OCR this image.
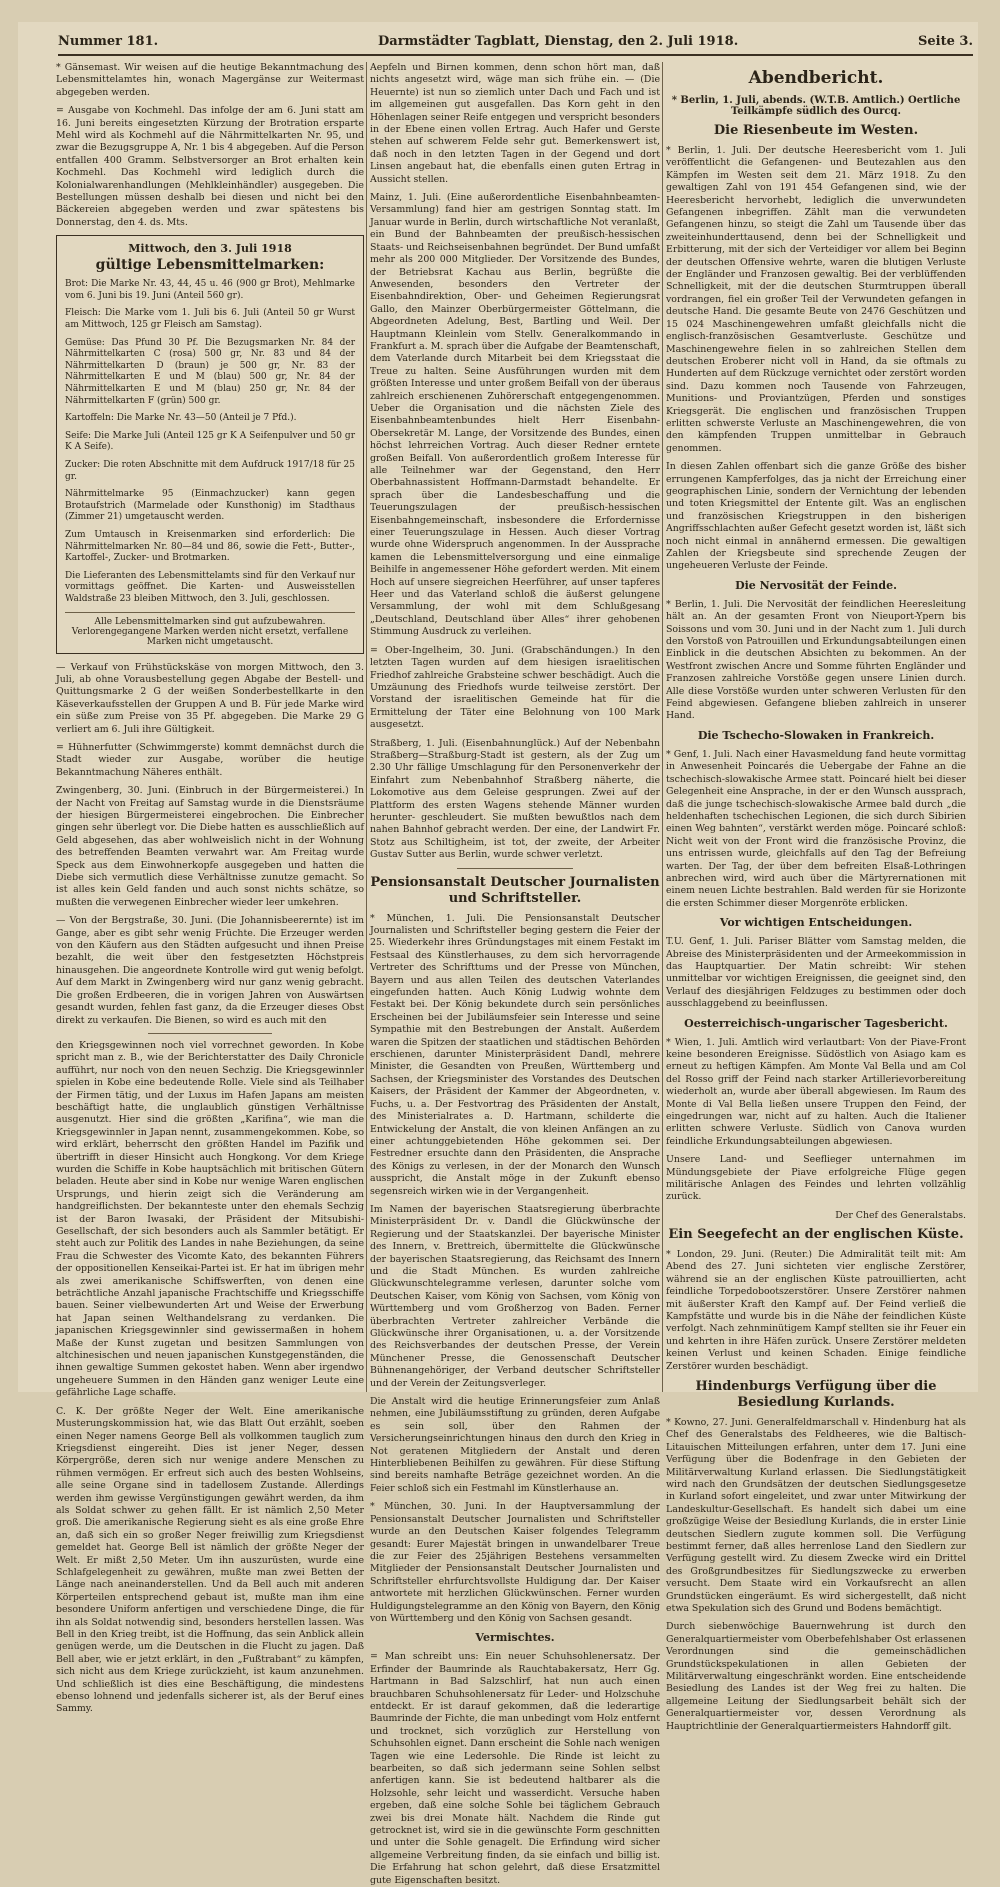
Nummer 181.	Darmstädter Tagblatt, Dienstag, den 2. Juli 1918.	Seite 3.

* Gänsemast. Wir weisen auf die heutige Bekanntmachung des Lebensmittelamtes hin, wonach Magergänse zur Weitermast abgegeben werden.

= Ausgabe von Kochmehl. Das infolge der am 6. Juni statt am 16. Juni bereits eingesetzten Kürzung der Brotration ersparte Mehl wird als Kochmehl auf die Nährmittelkarten Nr. 95, und zwar die Bezugsgruppe A, Nr. 1 bis 4 abgegeben. Auf die Person entfallen 400 Gramm. Selbstversorger an Brot erhalten kein Kochmehl. Das Kochmehl wird lediglich durch die Kolonialwarenhandlungen (Mehlkleinhändler) ausgegeben. Die Bestellungen müssen deshalb bei diesen und nicht bei den Bäckereien abgegeben werden und zwar spätestens bis Donnerstag, den 4. ds. Mts.

Mittwoch, den 3. Juli 1918
gültige Lebensmittelmarken:

Brot: Die Marke Nr. 43, 44, 45 u. 46 (900 gr Brot), Mehlmarke vom 6. Juni bis 19. Juni (Anteil 560 gr).

Fleisch: Die Marke vom 1. Juli bis 6. Juli (Anteil 50 gr Wurst am Mittwoch, 125 gr Fleisch am Samstag).

Gemüse: Das Pfund 30 Pf. Die Bezugsmarken Nr. 84 der Nährmittelkarten C (rosa) 500 gr, Nr. 83 und 84 der Nährmittelkarten D (braun) je 500 gr, Nr. 83 der Nährmittelkarten E und M (blau) 500 gr, Nr. 84 der Nährmittelkarten E und M (blau) 250 gr, Nr. 84 der Nährmittelkarten F (grün) 500 gr.

Kartoffeln: Die Marke Nr. 43—50 (Anteil je 7 Pfd.).

Seife: Die Marke Juli (Anteil 125 gr K A Seifenpulver und 50 gr K A Seife).

Zucker: Die roten Abschnitte mit dem Aufdruck 1917/18 für 25 gr.

Nährmittelmarke 95 (Einmachzucker) kann gegen Brotaufstrich (Marmelade oder Kunsthonig) im Stadthaus (Zimmer 21) umgetauscht werden.

Zum Umtausch in Kreisenmarken sind erforderlich: Die Nährmittelmarken Nr. 80—84 und 86, sowie die Fett-, Butter-, Kartoffel-, Zucker- und Brotmarken.

Die Lieferanten des Lebensmittelamts sind für den Verkauf nur vormittags geöffnet. Die Karten- und Ausweisstellen Waldstraße 23 bleiben Mittwoch, den 3. Juli, geschlossen.

Alle Lebensmittelmarken sind gut aufzubewahren. Verlorengegangene Marken werden nicht ersetzt, verfallene Marken nicht umgetauscht.

— Verkauf von Frühstückskäse von morgen Mittwoch, den 3. Juli, ab ohne Vorausbestellung gegen Abgabe der Bestell- und Quittungsmarke 2 G der weißen Sonderbestellkarte in den Käseverkaufsstellen der Gruppen A und B. Für jede Marke wird ein süße zum Preise von 35 Pf. abgegeben. Die Marke 29 G verliert am 6. Juli ihre Gültigkeit.

= Hühnerfutter (Schwimmgerste) kommt demnächst durch die Stadt wieder zur Ausgabe, worüber die heutige Bekanntmachung Näheres enthält.

Zwingenberg, 30. Juni. (Einbruch in der Bürgermeisterei.) In der Nacht von Freitag auf Samstag wurde in die Dienstsräume der hiesigen Bürgermeisterei eingebrochen. Die Einbrecher gingen sehr überlegt vor. Die Diebe hatten es ausschließlich auf Geld abgesehen, das aber wohlweislich nicht in der Wohnung des betreffenden Beamten verwahrt war. Am Freitag wurde Speck aus dem Einwohnerkopfe ausgegeben und hatten die Diebe sich vermutlich diese Verhältnisse zunutze gemacht. So ist alles kein Geld fanden und auch sonst nichts schätze, so mußten die verwegenen Einbrecher wieder leer umkehren.

— Von der Bergstraße, 30. Juni. (Die Johannisbeerernte) ist im Gange, aber es gibt sehr wenig Früchte. Die Erzeuger werden von den Käufern aus den Städten aufgesucht und ihnen Preise bezahlt, die weit über den festgesetzten Höchstpreis hinausgehen. Die angeordnete Kontrolle wird gut wenig befolgt. Auf dem Markt in Zwingenberg wird nur ganz wenig gebracht. Die großen Erdbeeren, die in vorigen Jahren von Auswärtsen gesandt wurden, fehlen fast ganz, da die Erzeuger dieses Obst direkt zu verkaufen. Die Bienen, so wird es auch mit den

den Kriegsgewinnen noch viel vorrechnet geworden. In Kobe spricht man z. B., wie der Berichterstatter des Daily Chronicle aufführt, nur noch von den neuen Sechzig. Die Kriegsgewinnler spielen in Kobe eine bedeutende Rolle. Viele sind als Teilhaber der Firmen tätig, und der Luxus im Hafen Japans am meisten beschäftigt hatte, die unglaublich günstigen Verhältnisse ausgenutzt. Hier sind die größten „Karifina“, wie man die Kriegsgewinnler in Japan nennt, zusammengekommen. Kobe, so wird erklärt, beherrscht den größten Handel im Pazifik und übertrifft in dieser Hinsicht auch Hongkong. Vor dem Kriege wurden die Schiffe in Kobe hauptsächlich mit britischen Gütern beladen. Heute aber sind in Kobe nur wenige Waren englischen Ursprungs, und hierin zeigt sich die Veränderung am handgreiflichsten. Der bekannteste unter den ehemals Sechzig ist der Baron Iwasaki, der Präsident der Mitsubishi-Gesellschaft, der sich besonders auch als Sammler betätigt. Er steht auch zur Politik des Landes in nahe Beziehungen, da seine Frau die Schwester des Vicomte Kato, des bekannten Führers der oppositionellen Kenseikai-Partei ist. Er hat im übrigen mehr als zwei amerikanische Schiffswerften, von denen eine beträchtliche Anzahl japanische Frachtschiffe und Kriegsschiffe bauen. Seiner vielbewunderten Art und Weise der Erwerbung hat Japan seinen Welthandelsrang zu verdanken. Die japanischen Kriegsgewinnler sind gewissermaßen in hohem Maße der Kunst zugetan und besitzen Sammlungen von altchinesischen und neuen japanischen Kunstgegenständen, die ihnen gewaltige Summen gekostet haben. Wenn aber irgendwo ungeheuere Summen in den Händen ganz weniger Leute eine gefährliche Lage schaffe.

C. K. Der größte Neger der Welt. Eine amerikanische Musterungskommission hat, wie das Blatt Out erzählt, soeben einen Neger namens George Bell als vollkommen tauglich zum Kriegsdienst eingereiht. Dies ist jener Neger, dessen Körpergröße, deren sich nur wenige andere Menschen zu rühmen vermögen. Er erfreut sich auch des besten Wohlseins, alle seine Organe sind in tadellosem Zustande. Allerdings werden ihm gewisse Vergünstigungen gewährt werden, da ihm als Soldat schwer zu gehen fällt. Er ist nämlich 2,50 Meter groß. Die amerikanische Regierung sieht es als eine große Ehre an, daß sich ein so großer Neger freiwillig zum Kriegsdienst gemeldet hat. George Bell ist nämlich der größte Neger der Welt. Er mißt 2,50 Meter. Um ihn auszurüsten, wurde eine Schlafgelegenheit zu gewähren, mußte man zwei Betten der Länge nach aneinanderstellen. Und da Bell auch mit anderen Körperteilen entsprechend gebaut ist, mußte man ihm eine besondere Uniform anfertigen und verschiedene Dinge, die für ihn als Soldat notwendig sind, besonders herstellen lassen. Was Bell in den Krieg treibt, ist die Hoffnung, das sein Anblick allein genügen werde, um die Deutschen in die Flucht zu jagen. Daß Bell aber, wie er jetzt erklärt, in den „Fußtrabant“ zu kämpfen, sich nicht aus dem Kriege zurückzieht, ist kaum anzunehmen. Und schließlich ist dies eine Beschäftigung, die mindestens ebenso lohnend und jedenfalls sicherer ist, als der Beruf eines Sammy.

Aepfeln und Birnen kommen, denn schon hört man, daß nichts angesetzt wird, wäge man sich frühe ein. — (Die Heuernte) ist nun so ziemlich unter Dach und Fach und ist im allgemeinen gut ausgefallen. Das Korn geht in den Höhenlagen seiner Reife entgegen und verspricht besonders in der Ebene einen vollen Ertrag. Auch Hafer und Gerste stehen auf schwerem Felde sehr gut. Bemerkenswert ist, daß noch in den letzten Tagen in der Gegend und dort Linsen angebaut hat, die ebenfalls einen guten Ertrag in Aussicht stellen.

Mainz, 1. Juli. (Eine außerordentliche Eisenbahnbeamten-Versammlung) fand hier am gestrigen Sonntag statt. Im Januar wurde in Berlin, durch wirtschaftliche Not veranlaßt, ein Bund der Bahnbeamten der preußisch-hessischen Staats- und Reichseisenbahnen begründet. Der Bund umfaßt mehr als 200 000 Mitglieder. Der Vorsitzende des Bundes, der Betriebsrat Kachau aus Berlin, begrüßte die Anwesenden, besonders den Vertreter der Eisenbahndirektion, Ober- und Geheimen Regierungsrat Gallo, den Mainzer Oberbürgermeister Göttelmann, die Abgeordneten Adelung, Best, Bartling und Weil. Der Hauptmann Kleinlein vom Stellv. Generalkommando in Frankfurt a. M. sprach über die Aufgabe der Beamtenschaft, dem Vaterlande durch Mitarbeit bei dem Kriegsstaat die Treue zu halten. Seine Ausführungen wurden mit dem größten Interesse und unter großem Beifall von der überaus zahlreich erschienenen Zuhörerschaft entgegengenommen. Ueber die Organisation und die nächsten Ziele des Eisenbahnbeamtenbundes hielt Herr Eisenbahn-Obersekretär M. Lange, der Vorsitzende des Bundes, einen höchst lehrreichen Vortrag. Auch dieser Redner erntete großen Beifall. Von außerordentlich großem Interesse für alle Teilnehmer war der Gegenstand, den Herr Oberbahnassistent Hoffmann-Darmstadt behandelte. Er sprach über die Landesbeschaffung und die Teuerungszulagen der preußisch-hessischen Eisenbahngemeinschaft, insbesondere die Erfordernisse einer Teuerungszulage in Hessen. Auch dieser Vortrag wurde ohne Widerspruch angenommen. In der Aussprache kamen die Lebensmittelversorgung und eine einmalige Beihilfe in angemessener Höhe gefordert werden. Mit einem Hoch auf unsere siegreichen Heerführer, auf unser tapferes Heer und das Vaterland schloß die äußerst gelungene Versammlung, der wohl mit dem Schlußgesang „Deutschland, Deutschland über Alles“ ihrer gehobenen Stimmung Ausdruck zu verleihen.

= Ober-Ingelheim, 30. Juni. (Grabschändungen.) In den letzten Tagen wurden auf dem hiesigen israelitischen Friedhof zahlreiche Grabsteine schwer beschädigt. Auch die Umzäunung des Friedhofs wurde teilweise zerstört. Der Vorstand der israelitischen Gemeinde hat für die Ermittelung der Täter eine Belohnung von 100 Mark ausgesetzt.

Straßberg, 1. Juli. (Eisenbahnunglück.) Auf der Nebenbahn Straßberg—Straßburg-Stadt ist gestern, als der Zug um 2.30 Uhr fällige Umschlagung für den Personenverkehr der Einfahrt zum Nebenbahnhof Straßberg näherte, die Lokomotive aus dem Geleise gesprungen. Zwei auf der Plattform des ersten Wagens stehende Männer wurden herunter- geschleudert. Sie mußten bewußtlos nach dem nahen Bahnhof gebracht werden. Der eine, der Landwirt Fr. Stotz aus Schiltigheim, ist tot, der zweite, der Arbeiter Gustav Sutter aus Berlin, wurde schwer verletzt.

Pensionsanstalt Deutscher Journalisten und Schriftsteller.

* München, 1. Juli. Die Pensionsanstalt Deutscher Journalisten und Schriftsteller beging gestern die Feier der 25. Wiederkehr ihres Gründungstages mit einem Festakt im Festsaal des Künstlerhauses, zu dem sich hervorragende Vertreter des Schrifttums und der Presse von München, Bayern und aus allen Teilen des deutschen Vaterlandes eingefunden hatten. Auch König Ludwig wohnte dem Festakt bei. Der König bekundete durch sein persönliches Erscheinen bei der Jubiläumsfeier sein Interesse und seine Sympathie mit den Bestrebungen der Anstalt. Außerdem waren die Spitzen der staatlichen und städtischen Behörden erschienen, darunter Ministerpräsident Dandl, mehrere Minister, die Gesandten von Preußen, Württemberg und Sachsen, der Kriegsminister des Vorstandes des Deutschen Kaisers, der Präsident der Kammer der Abgeordneten, v. Fuchs, u. a. Der Festvortrag des Präsidenten der Anstalt, des Ministerialrates a. D. Hartmann, schilderte die Entwickelung der Anstalt, die von kleinen Anfängen an zu einer achtunggebietenden Höhe gekommen sei. Der Festredner ersuchte dann den Präsidenten, die Ansprache des Königs zu verlesen, in der der Monarch den Wunsch ausspricht, die Anstalt möge in der Zukunft ebenso segensreich wirken wie in der Vergangenheit.

Im Namen der bayerischen Staatsregierung überbrachte Ministerpräsident Dr. v. Dandl die Glückwünsche der Regierung und der Staatskanzlei. Der bayerische Minister des Innern, v. Brettreich, übermittelte die Glückwünsche der bayerischen Staatsregierung, das Reichsamt des Innern und die Stadt München. Es wurden zahlreiche Glückwunschtelegramme verlesen, darunter solche vom Deutschen Kaiser, vom König von Sachsen, vom König von Württemberg und vom Großherzog von Baden. Ferner überbrachten Vertreter zahlreicher Verbände die Glückwünsche ihrer Organisationen, u. a. der Vorsitzende des Reichsverbandes der deutschen Presse, der Verein Münchener Presse, die Genossenschaft Deutscher Bühnenangehöriger, der Verband deutscher Schriftsteller und der Verein der Zeitungsverleger.

Die Anstalt wird die heutige Erinnerungsfeier zum Anlaß nehmen, eine Jubiläumsstiftung zu gründen, deren Aufgabe es sein soll, über den Rahmen der Versicherungseinrichtungen hinaus den durch den Krieg in Not geratenen Mitgliedern der Anstalt und deren Hinterbliebenen Beihilfen zu gewähren. Für diese Stiftung sind bereits namhafte Beträge gezeichnet worden. An die Feier schloß sich ein Festmahl im Künstlerhause an.

* München, 30. Juni. In der Hauptversammlung der Pensionsanstalt Deutscher Journalisten und Schriftsteller wurde an den Deutschen Kaiser folgendes Telegramm gesandt: Eurer Majestät bringen in unwandelbarer Treue die zur Feier des 25jährigen Bestehens versammelten Mitglieder der Pensionsanstalt Deutscher Journalisten und Schriftsteller ehrfurchtsvollste Huldigung dar. Der Kaiser antwortete mit herzlichen Glückwünschen. Ferner wurden Huldigungstelegramme an den König von Bayern, den König von Württemberg und den König von Sachsen gesandt.

Vermischtes.

= Man schreibt uns: Ein neuer Schuhsohlenersatz. Der Erfinder der Baumrinde als Rauchtabakersatz, Herr Gg. Hartmann in Bad Salzschlirf, hat nun auch einen brauchbaren Schuhsohlenersatz für Leder- und Holzschuhe entdeckt. Er ist darauf gekommen, daß die lederartige Baumrinde der Fichte, die man unbedingt vom Holz entfernt und trocknet, sich vorzüglich zur Herstellung von Schuhsohlen eignet. Dann erscheint die Sohle nach wenigen Tagen wie eine Ledersohle. Die Rinde ist leicht zu bearbeiten, so daß sich jedermann seine Sohlen selbst anfertigen kann. Sie ist bedeutend haltbarer als die Holzsohle, sehr leicht und wasserdicht. Versuche haben ergeben, daß eine solche Sohle bei täglichem Gebrauch zwei bis drei Monate hält. Nachdem die Rinde gut getrocknet ist, wird sie in die gewünschte Form geschnitten und unter die Sohle genagelt. Die Erfindung wird sicher allgemeine Verbreitung finden, da sie einfach und billig ist. Die Erfahrung hat schon gelehrt, daß diese Ersatzmittel gute Eigenschaften besitzt.

Abendbericht.
* Berlin, 1. Juli, abends. (W.T.B. Amtlich.) Oertliche Teilkämpfe südlich des Ourcq.
Die Riesenbeute im Westen.

* Berlin, 1. Juli. Der deutsche Heeresbericht vom 1. Juli veröffentlicht die Gefangenen- und Beutezahlen aus den Kämpfen im Westen seit dem 21. März 1918. Zu den gewaltigen Zahl von 191 454 Gefangenen sind, wie der Heeresbericht hervorhebt, lediglich die unverwundeten Gefangenen inbegriffen. Zählt man die verwundeten Gefangenen hinzu, so steigt die Zahl um Tausende über das zweiteinhunderttausend, denn bei der Schnelligkeit und Erbitterung, mit der sich der Verteidiger vor allem bei Beginn der deutschen Offensive wehrte, waren die blutigen Verluste der Engländer und Franzosen gewaltig. Bei der verblüffenden Schnelligkeit, mit der die deutschen Sturmtruppen überall vordrangen, fiel ein großer Teil der Verwundeten gefangen in deutsche Hand. Die gesamte Beute von 2476 Geschützen und 15 024 Maschinengewehren umfaßt gleichfalls nicht die englisch-französischen Gesamtverluste. Geschütze und Maschinengewehre fielen in so zahlreichen Stellen dem deutschen Eroberer nicht voll in Hand, da sie oftmals zu Hunderten auf dem Rückzuge vernichtet oder zerstört worden sind. Dazu kommen noch Tausende von Fahrzeugen, Munitions- und Proviantzügen, Pferden und sonstiges Kriegsgerät. Die englischen und französischen Truppen erlitten schwerste Verluste an Maschinengewehren, die von den kämpfenden Truppen unmittelbar in Gebrauch genommen.

In diesen Zahlen offenbart sich die ganze Größe des bisher errungenen Kampferfolges, das ja nicht der Erreichung einer geographischen Linie, sondern der Vernichtung der lebenden und toten Kriegsmittel der Entente gilt. Was an englischen und französischen Kriegstruppen in den bisherigen Angriffsschlachten außer Gefecht gesetzt worden ist, läßt sich noch nicht einmal in annähernd ermessen. Die gewaltigen Zahlen der Kriegsbeute sind sprechende Zeugen der ungeheueren Verluste der Feinde.

Die Nervosität der Feinde.

* Berlin, 1. Juli. Die Nervosität der feindlichen Heeresleitung hält an. An der gesamten Front von Nieuport-Ypern bis Soissons und vom 30. Juni und in der Nacht zum 1. Juli durch den Vorstoß von Patrouillen und Erkundungsabteilungen einen Einblick in die deutschen Absichten zu bekommen. An der Westfront zwischen Ancre und Somme führten Engländer und Franzosen zahlreiche Vorstöße gegen unsere Linien durch. Alle diese Vorstöße wurden unter schweren Verlusten für den Feind abgewiesen. Gefangene blieben zahlreich in unserer Hand.

Die Tschecho-Slowaken in Frankreich.

* Genf, 1. Juli. Nach einer Havasmeldung fand heute vormittag in Anwesenheit Poincarés die Uebergabe der Fahne an die tschechisch-slowakische Armee statt. Poincaré hielt bei dieser Gelegenheit eine Ansprache, in der er den Wunsch aussprach, daß die junge tschechisch-slowakische Armee bald durch „die heldenhaften tschechischen Legionen, die sich durch Sibirien einen Weg bahnten“, verstärkt werden möge. Poincaré schloß: Nicht weit von der Front wird die französische Provinz, die uns entrissen wurde, gleichfalls auf den Tag der Befreiung warten. Der Tag, der über dem befreiten Elsaß-Lothringen anbrechen wird, wird auch über die Märtyrernationen mit einem neuen Lichte bestrahlen. Bald werden für sie Horizonte die ersten Schimmer dieser Morgenröte erblicken.

Vor wichtigen Entscheidungen.

T.U. Genf, 1. Juli. Pariser Blätter vom Samstag melden, die Abreise des Ministerpräsidenten und der Armeekommission in das Hauptquartier. Der Matin schreibt: Wir stehen unmittelbar vor wichtigen Ereignissen, die geeignet sind, den Verlauf des diesjährigen Feldzuges zu bestimmen oder doch ausschlaggebend zu beeinflussen.

Oesterreichisch-ungarischer Tagesbericht.

* Wien, 1. Juli. Amtlich wird verlautbart: Von der Piave-Front keine besonderen Ereignisse. Südöstlich von Asiago kam es erneut zu heftigen Kämpfen. Am Monte Val Bella und am Col del Rosso griff der Feind nach starker Artillerievorbereitung wiederholt an, wurde aber überall abgewiesen. Im Raum des Monte di Val Bella ließen unsere Truppen den Feind, der eingedrungen war, nicht auf zu halten. Auch die Italiener erlitten schwere Verluste. Südlich von Canova wurden feindliche Erkundungsabteilungen abgewiesen.

Unsere Land- und Seeflieger unternahmen im Mündungsgebiete der Piave erfolgreiche Flüge gegen militärische Anlagen des Feindes und lehrten vollzählig zurück.

Der Chef des Generalstabs.
Ein Seegefecht an der englischen Küste.

* London, 29. Juni. (Reuter.) Die Admiralität teilt mit: Am Abend des 27. Juni sichteten vier englische Zerstörer, während sie an der englischen Küste patrouillierten, acht feindliche Torpedobootszerstörer. Unsere Zerstörer nahmen mit äußerster Kraft den Kampf auf. Der Feind verließ die Kampfstätte und wurde bis in die Nähe der feindlichen Küste verfolgt. Nach zehnminütigem Kampf stellten sie ihr Feuer ein und kehrten in ihre Häfen zurück. Unsere Zerstörer meldeten keinen Verlust und keinen Schaden. Einige feindliche Zerstörer wurden beschädigt.

Hindenburgs Verfügung über die Besiedlung Kurlands.

* Kowno, 27. Juni. Generalfeldmarschall v. Hindenburg hat als Chef des Generalstabs des Feldheeres, wie die Baltisch-Litauischen Mitteilungen erfahren, unter dem 17. Juni eine Verfügung über die Bodenfrage in den Gebieten der Militärverwaltung Kurland erlassen. Die Siedlungstätigkeit wird nach den Grundsätzen der deutschen Siedlungsgesetze in Kurland sofort eingeleitet, und zwar unter Mitwirkung der Landeskultur-Gesellschaft. Es handelt sich dabei um eine großzügige Weise der Besiedlung Kurlands, die in erster Linie deutschen Siedlern zugute kommen soll. Die Verfügung bestimmt ferner, daß alles herrenlose Land den Siedlern zur Verfügung gestellt wird. Zu diesem Zwecke wird ein Drittel des Großgrundbesitzes für Siedlungszwecke zu erwerben versucht. Dem Staate wird ein Vorkaufsrecht an allen Grundstücken eingeräumt. Es wird sichergestellt, daß nicht etwa Spekulation sich des Grund und Bodens bemächtigt.

Durch siebenwöchige Bauernwehrung ist durch den Generalquartiermeister vom Oberbefehlshaber Ost erlassenen Verordnungen sind die gemeinschädlichen Grundstückspekulationen in allen Gebieten der Militärverwaltung eingeschränkt worden. Eine entscheidende Besiedlung des Landes ist der Weg frei zu halten. Die allgemeine Leitung der Siedlungsarbeit behält sich der Generalquartiermeister vor, dessen Verordnung als Hauptrichtlinie der Generalquartiermeisters Hahndorff gilt.
